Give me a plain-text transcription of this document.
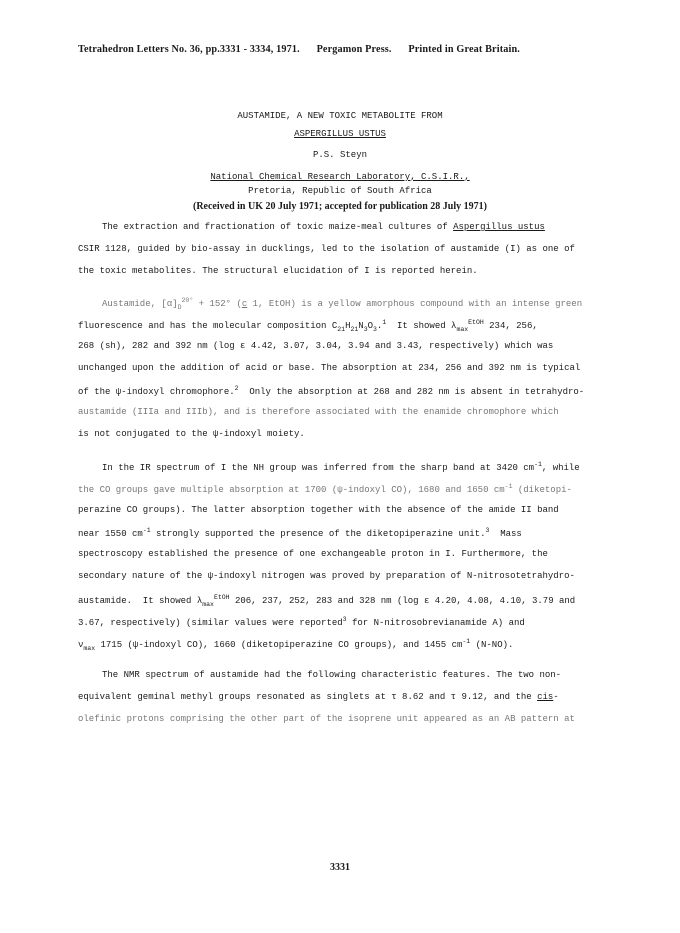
Tetrahedron Letters No. 36, pp.3331 - 3334, 1971. Pergamon Press. Printed in Great Britain.
AUSTAMIDE, A NEW TOXIC METABOLITE FROM
ASPERGILLUS USTUS
P.S. Steyn
National Chemical Research Laboratory, C.S.I.R.,
Pretoria, Republic of South Africa
(Received in UK 20 July 1971; accepted for publication 28 July 1971)
The extraction and fractionation of toxic maize-meal cultures of Aspergillus ustus
CSIR 1128, guided by bio-assay in ducklings, led to the isolation of austamide (I) as one of
the toxic metabolites. The structural elucidation of I is reported herein.
Austamide, $[\alpha]_D^{20^\circ} + 152^\circ$ (c 1, EtOH) is a yellow amorphous compound with an intense green
fluorescence and has the molecular composition $C_{21}H_{21}N_3O_3.^1$  It showed $\lambda_{max}^{EtOH}$ 234, 256,
268 (sh), 282 and 392 nm (log ε 4.42, 3.07, 3.04, 3.94 and 3.43, respectively) which was
unchanged upon the addition of acid or base. The absorption at 234, 256 and 392 nm is typical
of the ψ-indoxyl chromophore.$^2$  Only the absorption at 268 and 282 nm is absent in tetrahydro-
austamide (IIIa and IIIb), and is therefore associated with the enamide chromophore which
is not conjugated to the ψ-indoxyl moiety.
In the IR spectrum of I the NH group was inferred from the sharp band at 3420 $cm^{-1}$, while
the CO groups gave multiple absorption at 1700 (ψ-indoxyl CO), 1680 and 1650 $cm^{-1}$ (diketopi-
perazine CO groups). The latter absorption together with the absence of the amide II band
near 1550 $cm^{-1}$ strongly supported the presence of the diketopiperazine unit.$^3$  Mass
spectroscopy established the presence of one exchangeable proton in I. Furthermore, the
secondary nature of the ψ-indoxyl nitrogen was proved by preparation of N-nitrosotetrahydro-
austamide.  It showed $\lambda_{max}^{EtOH}$ 206, 237, 252, 283 and 328 nm (log ε 4.20, 4.08, 4.10, 3.79 and
3.67, respectively) (similar values were reported$^3$ for N-nitrosobrevianamide A) and
$\nu_{max}$ 1715 (ψ-indoxyl CO), 1660 (diketopiperazine CO groups), and 1455 $cm^{-1}$ (N-NO).
The NMR spectrum of austamide had the following characteristic features. The two non-
equivalent geminal methyl groups resonated as singlets at τ 8.62 and τ 9.12, and the cis-
olefinic protons comprising the other part of the isoprene unit appeared as an AB pattern at
3331
